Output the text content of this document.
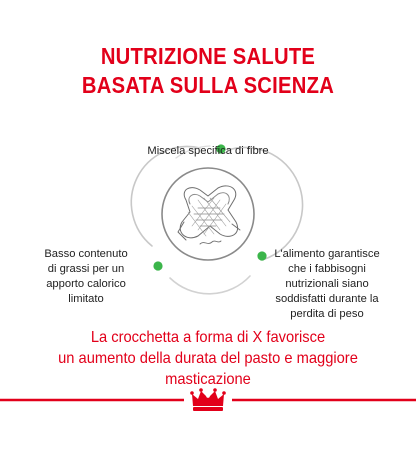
NUTRIZIONE SALUTE
BASATA SULLA SCIENZA
Miscela specifica di fibre
Basso contenuto di grassi per un apporto calorico limitato
L'alimento garantisce che i fabbisogni nutrizionali siano soddisfatti durante la perdita di peso
La crocchetta a forma di X favorisce
un aumento della durata del pasto e maggiore masticazione
